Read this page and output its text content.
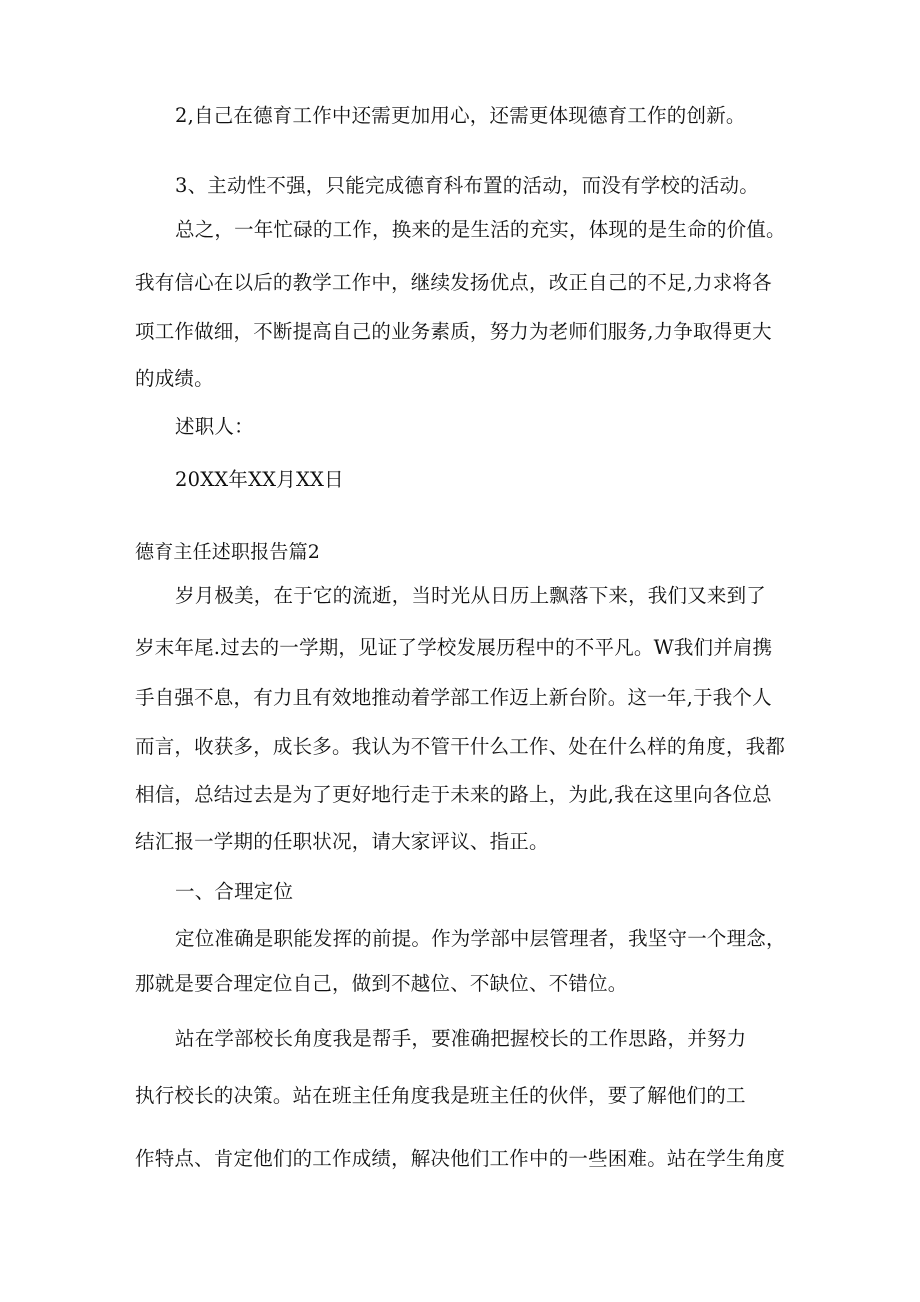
2,自己在德育工作中还需更加用心，还需更体现德育工作的创新。
3、主动性不强，只能完成德育科布置的活动，而没有学校的活动。
总之，一年忙碌的工作，换来的是生活的充实，体现的是生命的价值。
我有信心在以后的教学工作中，继续发扬优点，改正自己的不足,力求将各
项工作做细，不断提高自己的业务素质，努力为老师们服务,力争取得更大
的成绩。
述职人：
20XX年XX月XX日
德育主任述职报告篇2
岁月极美，在于它的流逝，当时光从日历上飘落下来，我们又来到了
岁末年尾.过去的一学期，见证了学校发展历程中的不平凡。W我们并肩携
手自强不息，有力且有效地推动着学部工作迈上新台阶。这一年,于我个人
而言，收获多，成长多。我认为不管干什么工作、处在什么样的角度，我都
相信，总结过去是为了更好地行走于未来的路上，为此,我在这里向各位总
结汇报一学期的任职状况，请大家评议、指正。
一、合理定位
定位准确是职能发挥的前提。作为学部中层管理者，我坚守一个理念，
那就是要合理定位自己，做到不越位、不缺位、不错位。
站在学部校长角度我是帮手，要准确把握校长的工作思路，并努力
执行校长的决策。站在班主任角度我是班主任的伙伴，要了解他们的工
作特点、肯定他们的工作成绩，解决他们工作中的一些困难。站在学生角度
